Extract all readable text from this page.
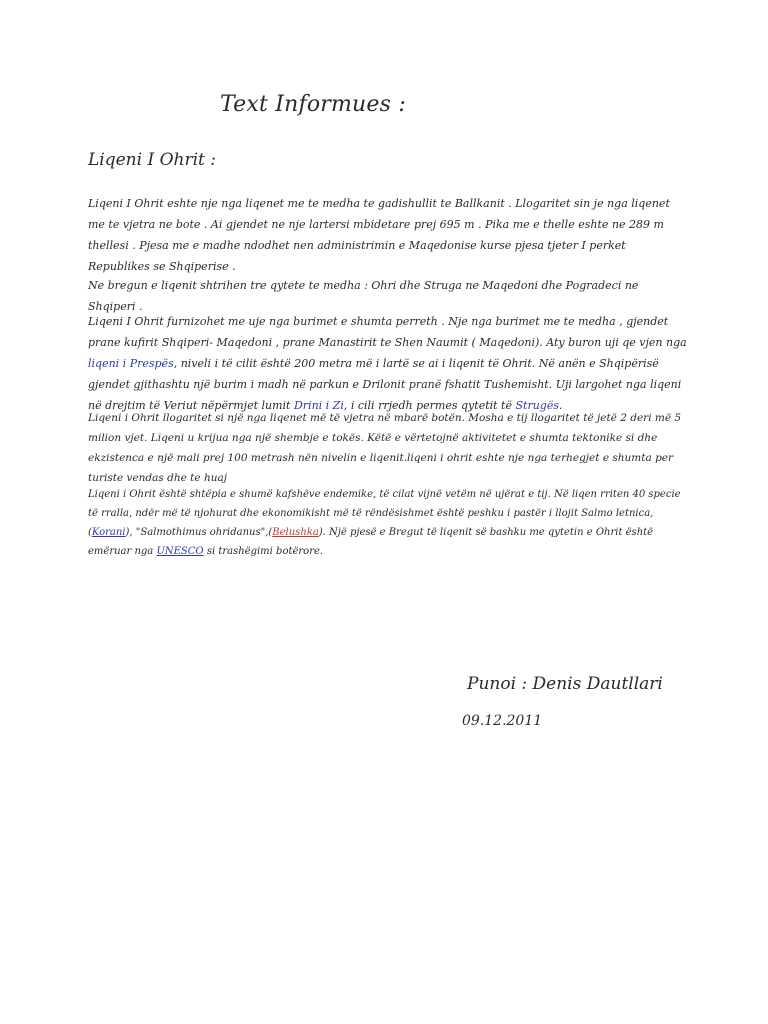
Text Informues :
Liqeni I Ohrit :

Liqeni I Ohrit eshte nje nga liqenet me te medha te gadishullit te Ballkanit . Llogaritet sin je nga liqenet me te vjetra ne bote . Ai gjendet ne nje lartersi mbidetare prej 695 m . Pika me e thelle eshte ne 289 m thellesi . Pjesa me e madhe ndodhet nen administrimin e Maqedonise kurse pjesa tjeter I perket Republikes se Shqiperise .

Ne bregun e liqenit shtrihen tre qytete te medha : Ohri dhe Struga ne Maqedoni dhe Pogradeci ne Shqiperi .

Liqeni I Ohrit furnizohet me uje nga burimet e shumta perreth . Nje nga burimet me te medha , gjendet prane kufirit Shqiperi- Maqedoni , prane Manastirit te Shen Naumit ( Maqedoni). Aty buron uji qe vjen nga liqeni i Prespës, niveli i të cilit është 200 metra më i lartë se ai i liqenit të Ohrit. Në anën e Shqipërisë gjendet gjithashtu një burim i madh në parkun e Drilonit pranë fshatit Tushemisht. Uji largohet nga liqeni në drejtim të Veriut nëpërmjet lumit Drini i Zi, i cili rrjedh permes qytetit të Strugës.

Liqeni i Ohrit llogaritet si një nga liqenet më të vjetra në mbarë botën. Mosha e tij llogaritet të jetë 2 deri më 5 milion vjet. Liqeni u krijua nga një shembje e tokës. Këtë e vërtetojnë aktivitetet e shumta tektonike si dhe ekzistenca e një mali prej 100 metrash nën nivelin e liqenit.liqeni i ohrit eshte nje nga terhegjet e shumta per turiste vendas dhe te huaj

Liqeni i Ohrit është shtëpia e shumë kafshëve endemike, të cilat vijnë vetëm në ujërat e tij. Në liqen rriten 40 specie të rralla, ndër më të njohurat dhe ekonomikisht më të rëndësishmet është peshku i pastër i llojit Salmo letnica, (Korani), "Salmothimus ohridanus",(Belushka). Një pjesë e Bregut të liqenit së bashku me qytetin e Ohrit është emëruar nga UNESCO si trashëgimi botërore.

Punoi : Denis Dautllari
09.12.2011
